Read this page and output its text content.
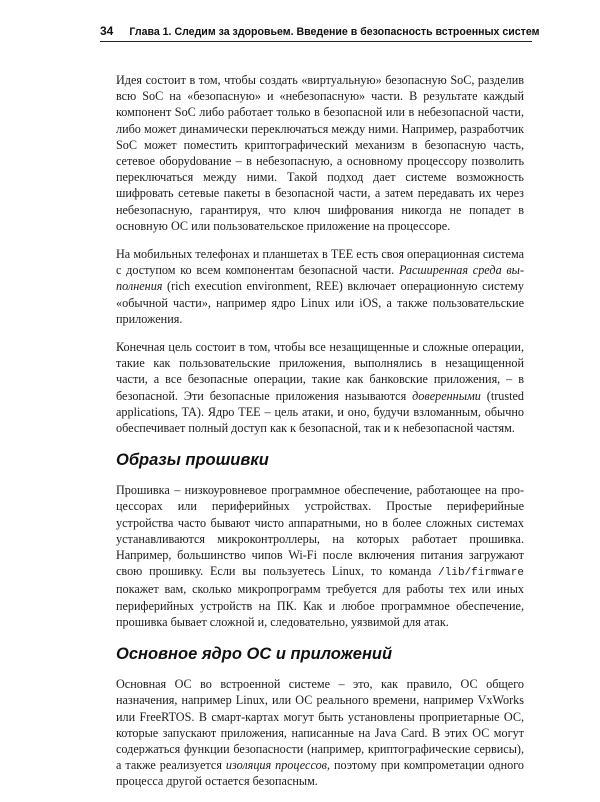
34 Глава 1. Следим за здоровьем. Введение в безопасность встроенных систем

Идея состоит в том, чтобы создать «виртуальную» безопасную SoC, разделив всю SoC на «безопасную» и «небезопасную» части. В результате каждый компонент SoC либо работает только в безопасной или в небезопасной части, либо может динамически переключаться между ними. Например, разработчик SoC может поместить криптографический механизм в безопасную часть, сетевое оборуdование – в небезопасную, а основному процессору позволить переключаться между ними. Такой подход дает системе возможность шифровать сетевые пакеты в безопасной части, а затем передавать их через небезопасную, гарантируя, что ключ шифрования никогда не попадет в основную ОС или пользовательское приложение на процессоре.

На мобильных телефонах и планшетах в TEE есть своя операционная система с доступом ко всем компонентам безопасной части. Расширенная среда выполнения (rich execution environment, REE) включает операционную систему «обычной части», например ядро Linux или iOS, а также пользовательские приложения.

Конечная цель состоит в том, чтобы все незащищенные и сложные операции, такие как пользовательские приложения, выполнялись в незащищенной части, а все безопасные операции, такие как банковские приложения, – в безопасной. Эти безопасные приложения называются доверенными (trusted applications, TA). Ядро TEE – цель атаки, и оно, будучи взломанным, обычно обеспечивает полный доступ как к безопасной, так и к небезопасной частям.

Образы прошивки

Прошивка – низкоуровневое программное обеспечение, работающее на процессорах или периферийных устройствах. Простые периферийные устройства часто бывают чисто аппаратными, но в более сложных системах устанавливаются микроконтроллеры, на которых работает прошивка. Например, большинство чипов Wi-Fi после включения питания загружают свою прошивку. Если вы пользуетесь Linux, то команда /lib/firmware покажет вам, сколько микропрограмм требуется для работы тех или иных периферийных устройств на ПК. Как и любое программное обеспечение, прошивка бывает сложной и, следовательно, уязвимой для атак.

Основное ядро ОС и приложений

Основная ОС во встроенной системе – это, как правило, ОС общего назначения, например Linux, или ОС реального времени, например VxWorks или FreeRTOS. В смарт-картах могут быть установлены проприетарные ОС, которые запускают приложения, написанные на Java Card. В этих ОС могут содержаться функции безопасности (например, криптографические сервисы), а также реализуется изоляция процессов, поэтому при компрометации одного процесса другой остается безопасным.
